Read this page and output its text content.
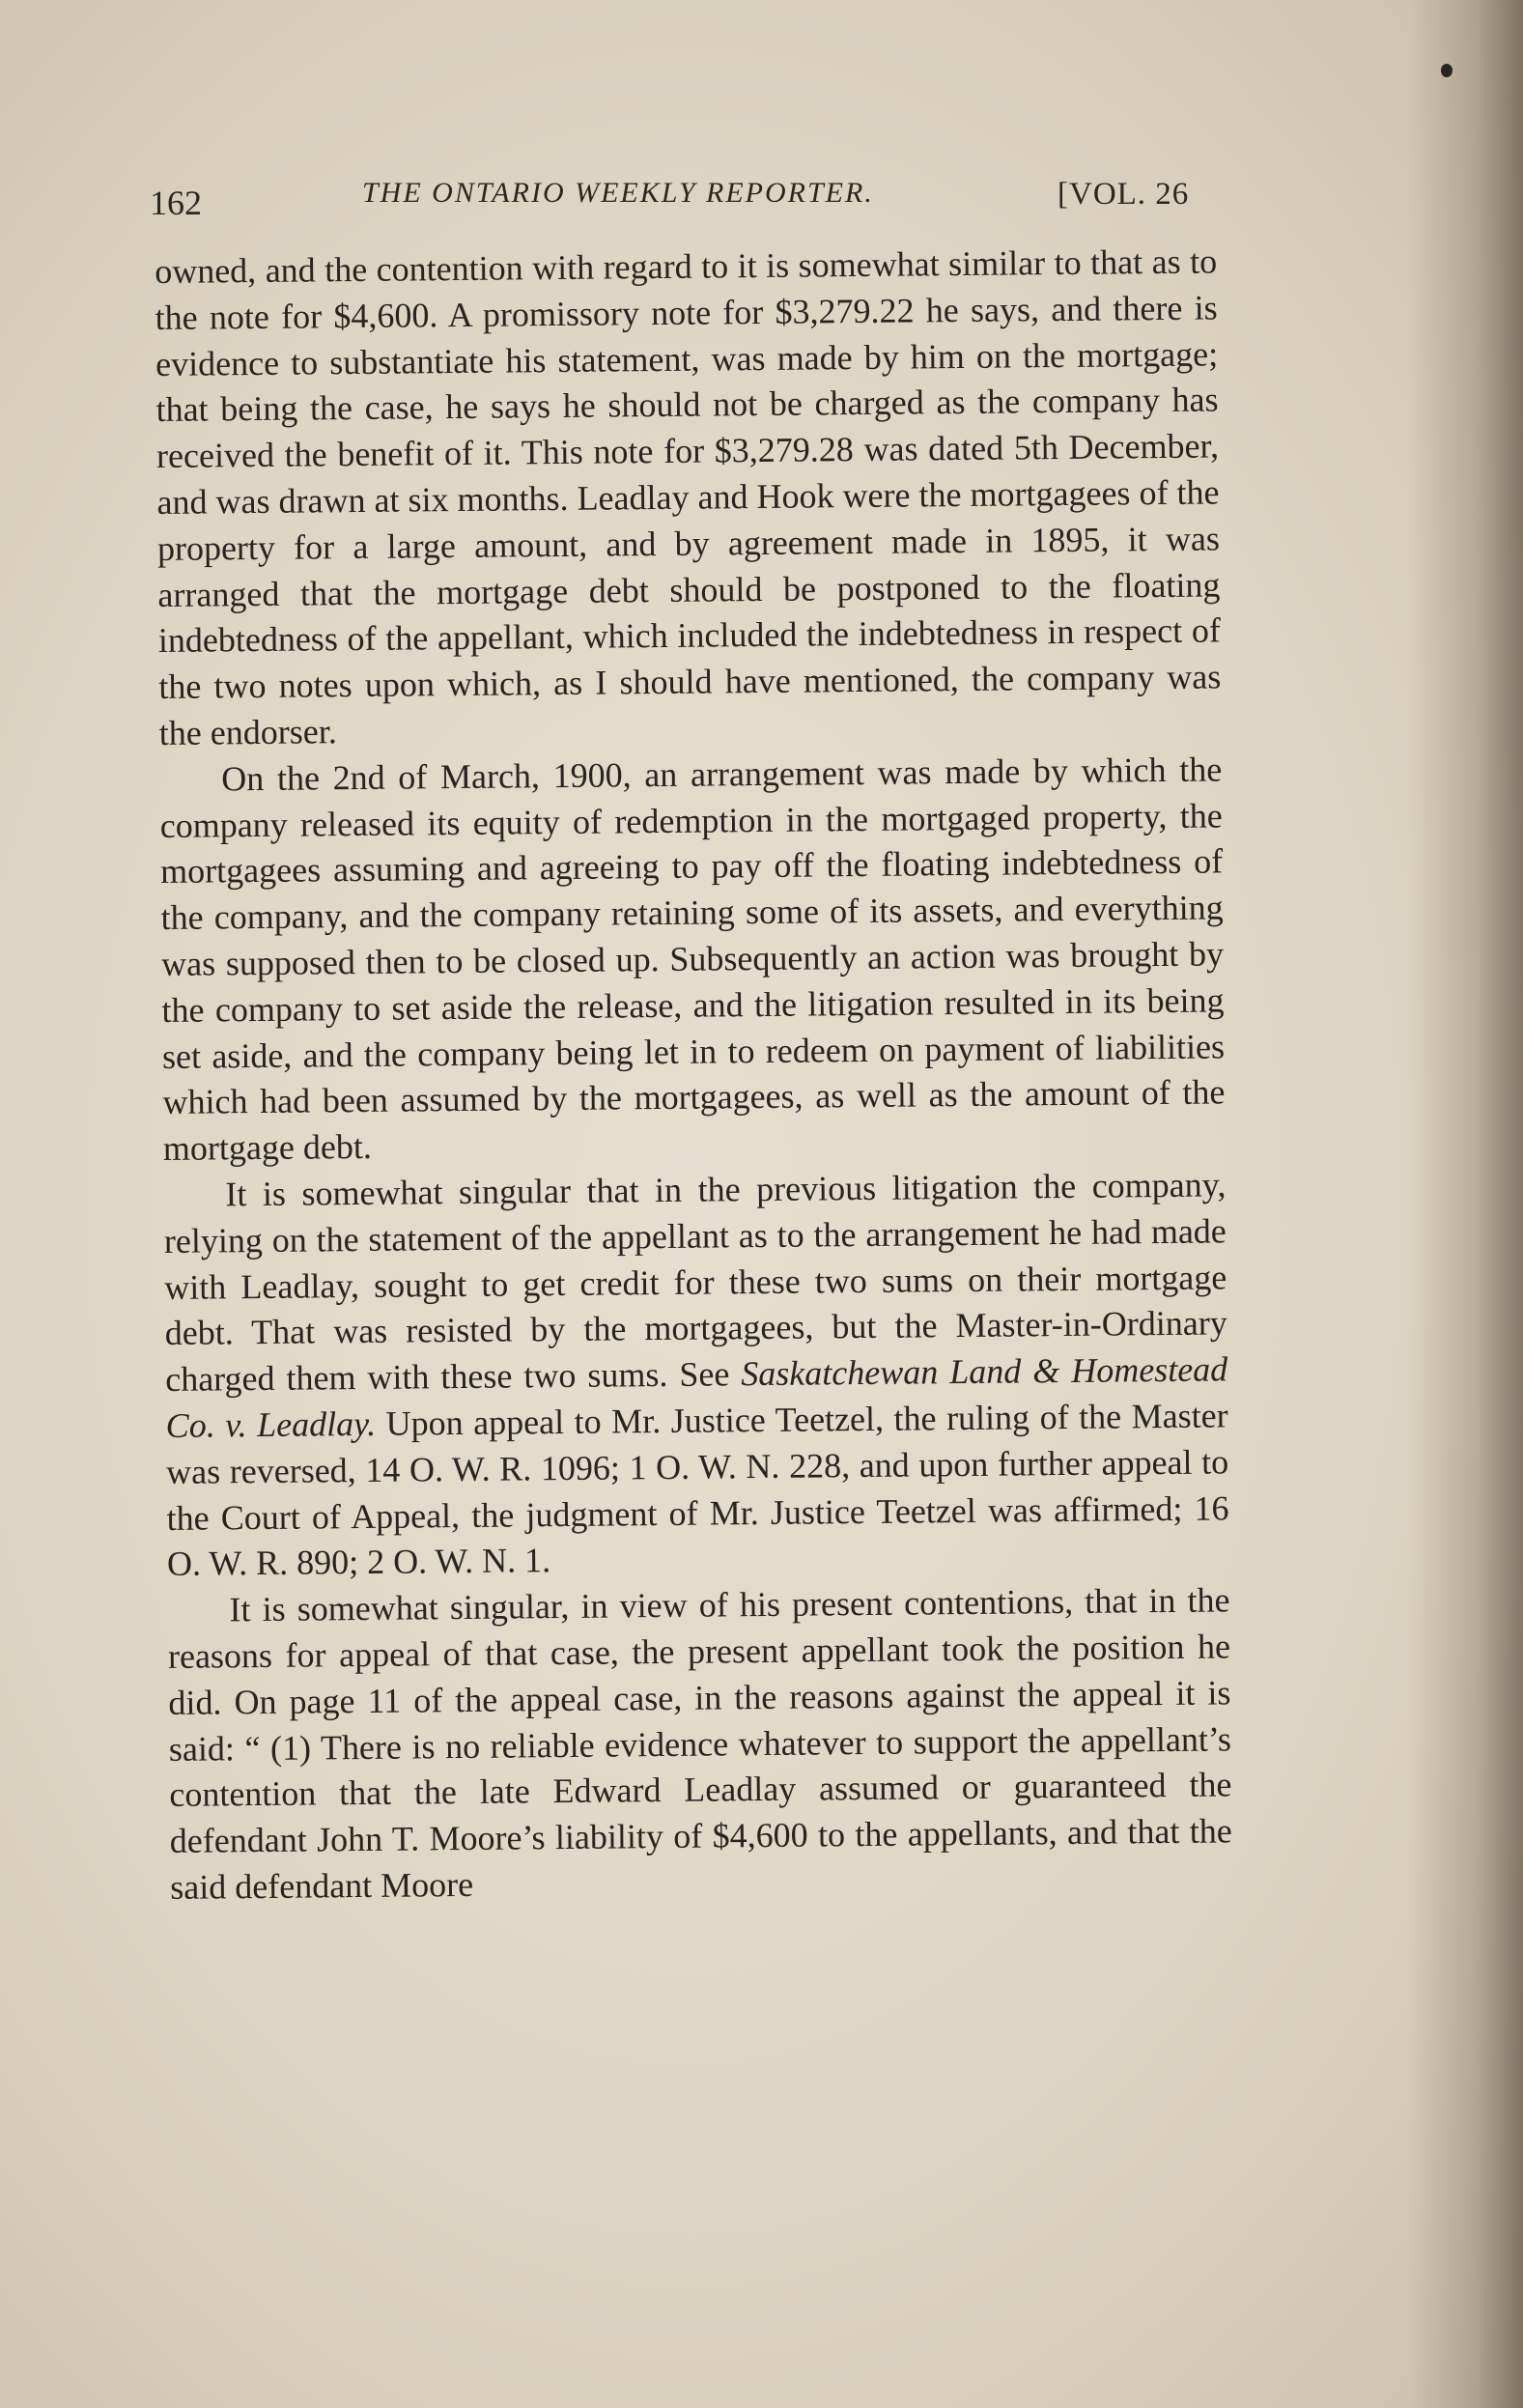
162	THE ONTARIO WEEKLY REPORTER.	[VOL. 26

owned, and the contention with regard to it is somewhat similar to that as to the note for $4,600. A promissory note for $3,279.22 he says, and there is evidence to substantiate his statement, was made by him on the mortgage; that being the case, he says he should not be charged as the company has received the benefit of it. This note for $3,279.28 was dated 5th December, and was drawn at six months. Leadlay and Hook were the mortgagees of the property for a large amount, and by agreement made in 1895, it was arranged that the mortgage debt should be postponed to the floating indebtedness of the appellant, which included the indebtedness in respect of the two notes upon which, as I should have mentioned, the company was the endorser.

On the 2nd of March, 1900, an arrangement was made by which the company released its equity of redemption in the mortgaged property, the mortgagees assuming and agreeing to pay off the floating indebtedness of the company, and the company retaining some of its assets, and everything was supposed then to be closed up. Subsequently an action was brought by the company to set aside the release, and the litigation resulted in its being set aside, and the company being let in to redeem on payment of liabilities which had been assumed by the mortgagees, as well as the amount of the mortgage debt.

It is somewhat singular that in the previous litigation the company, relying on the statement of the appellant as to the arrangement he had made with Leadlay, sought to get credit for these two sums on their mortgage debt. That was resisted by the mortgagees, but the Master-in-Ordinary charged them with these two sums. See Saskatchewan Land & Homestead Co. v. Leadlay. Upon appeal to Mr. Justice Teetzel, the ruling of the Master was reversed, 14 O. W. R. 1096; 1 O. W. N. 228, and upon further appeal to the Court of Appeal, the judgment of Mr. Justice Teetzel was affirmed; 16 O. W. R. 890; 2 O. W. N. 1.

It is somewhat singular, in view of his present contentions, that in the reasons for appeal of that case, the present appellant took the position he did. On page 11 of the appeal case, in the reasons against the appeal it is said: “ (1) There is no reliable evidence whatever to support the appellant’s contention that the late Edward Leadlay assumed or guaranteed the defendant John T. Moore’s liability of $4,600 to the appellants, and that the said defendant Moore
